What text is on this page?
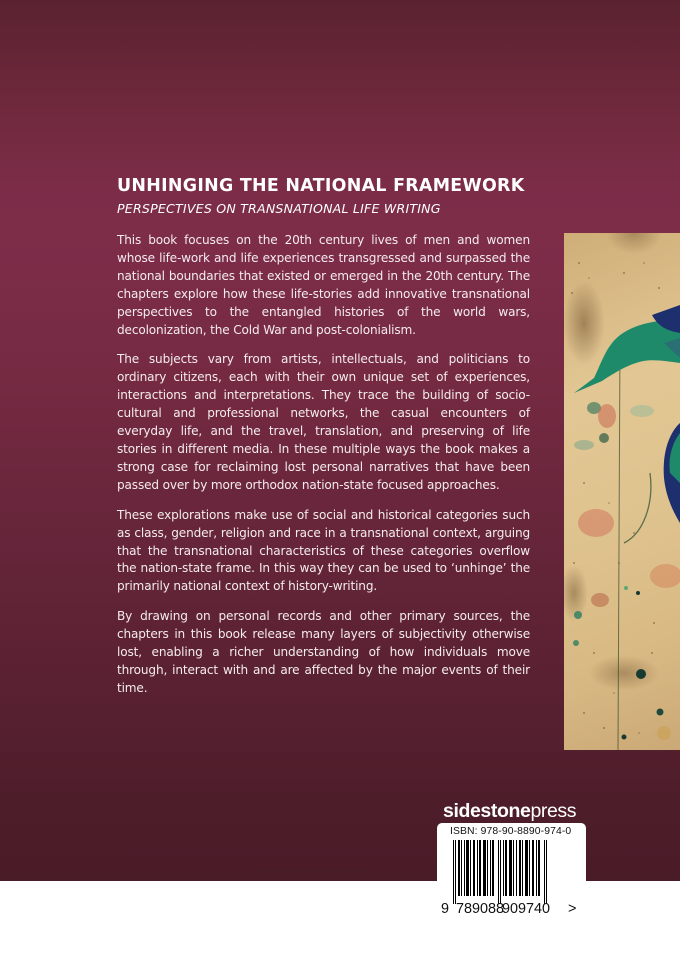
UNHINGING THE NATIONAL FRAMEWORK
PERSPECTIVES ON TRANSNATIONAL LIFE WRITING

This book focuses on the 20th century lives of men and women whose life-work and life experiences transgressed and surpassed the national boundaries that existed or emerged in the 20th century. The chapters explore how these life-stories add innovative transnational perspectives to the entangled histories of the world wars, decolonization, the Cold War and post-colonialism.

The subjects vary from artists, intellectuals, and politicians to ordinary citizens, each with their own unique set of experiences, interactions and interpretations. They trace the building of socio-cultural and professional networks, the casual encounters of everyday life, and the travel, translation, and preserving of life stories in different media. In these multiple ways the book makes a strong case for reclaiming lost personal narratives that have been passed over by more orthodox nation-state focused approaches.

These explorations make use of social and historical categories such as class, gender, religion and race in a transnational context, arguing that the transnational characteristics of these categories overflow the nation-state frame. In this way they can be used to ‘unhinge’ the primarily national context of history-writing.

By drawing on personal records and other primary sources, the chapters in this book release many layers of subjectivity otherwise lost, enabling a richer understanding of how individuals move through, interact with and are affected by the major events of their time.

sidestonepress
ISBN: 978-90-8890-974-0
9 789088
909740 >
